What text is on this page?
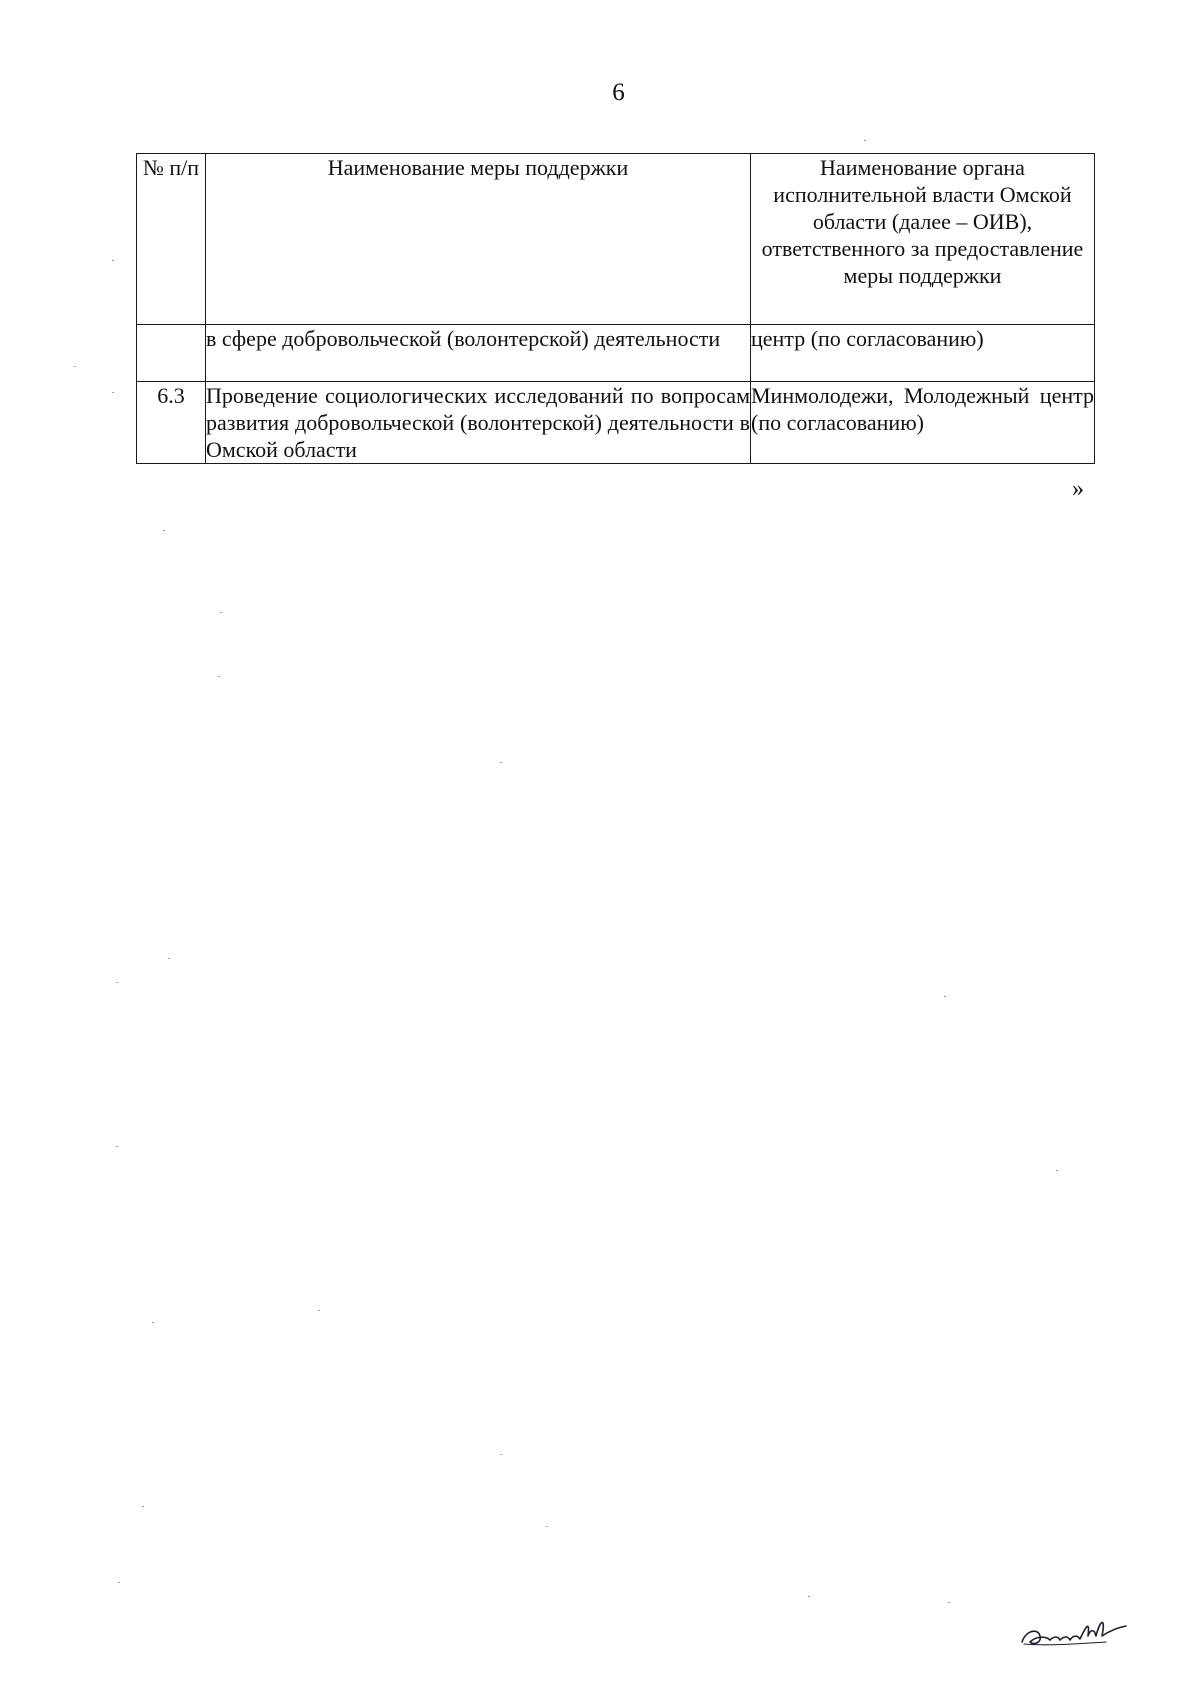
6
№ п/п	Наименование меры поддержки	Наименование органа исполнительной власти Омской области (далее – ОИВ), ответственного за предоставление меры поддержки
	в сфере добровольческой (волонтерской) деятельности	центр (по согласованию)
6.3	Проведение социологических исследований по вопросам развития добровольческой (волонтерской) деятельности в Омской области	Минмолодежи, Молодежный центр (по согласованию)
»
